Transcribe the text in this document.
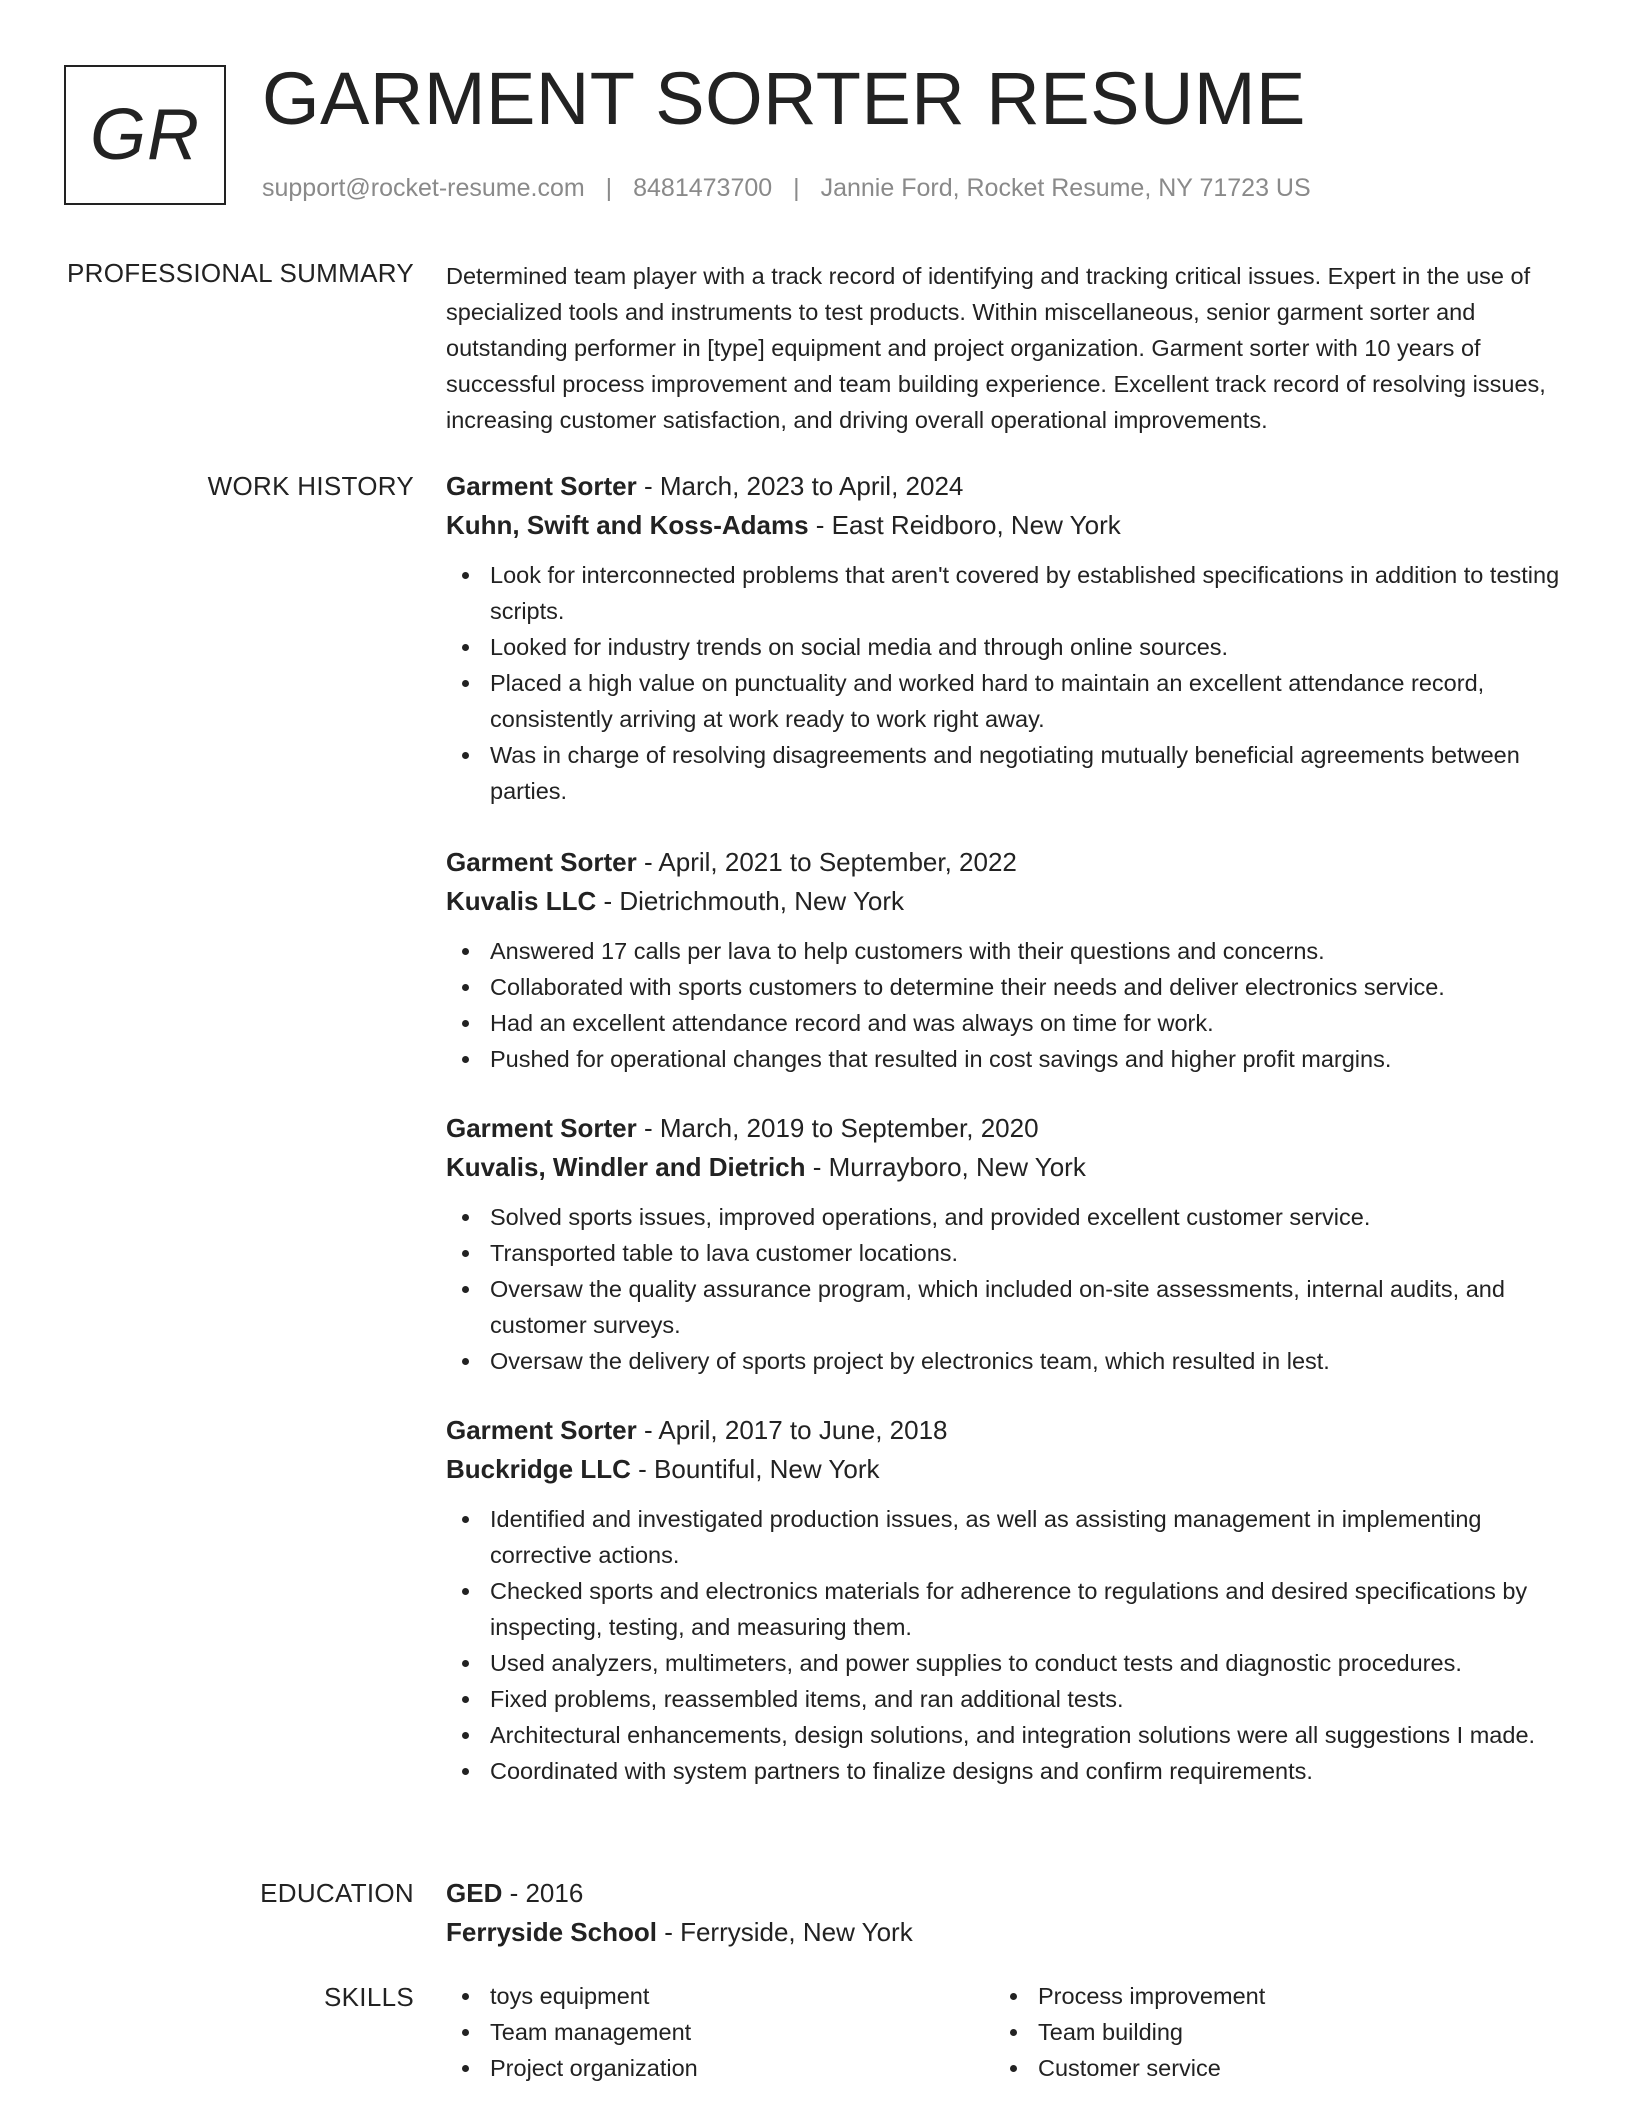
GR GARMENT SORTER RESUME
support@rocket-resume.com | 8481473700 | Jannie Ford, Rocket Resume, NY 71723 US
PROFESSIONAL SUMMARY Determined team player with a track record of identifying and tracking critical issues. Expert in the use of specialized tools and instruments to test products. Within miscellaneous, senior garment sorter and outstanding performer in [type] equipment and project organization. Garment sorter with 10 years of successful process improvement and team building experience. Excellent track record of resolving issues, increasing customer satisfaction, and driving overall operational improvements.

WORK HISTORY Garment Sorter - March, 2023 to April, 2024
Kuhn, Swift and Koss-Adams - East Reidboro, New York
Look for interconnected problems that aren't covered by established specifications in addition to testing scripts.
Looked for industry trends on social media and through online sources.
Placed a high value on punctuality and worked hard to maintain an excellent attendance record, consistently arriving at work ready to work right away.
Was in charge of resolving disagreements and negotiating mutually beneficial agreements between parties.
Garment Sorter - April, 2021 to September, 2022
Kuvalis LLC - Dietrichmouth, New York
Answered 17 calls per lava to help customers with their questions and concerns.
Collaborated with sports customers to determine their needs and deliver electronics service.
Had an excellent attendance record and was always on time for work.
Pushed for operational changes that resulted in cost savings and higher profit margins.
Garment Sorter - March, 2019 to September, 2020
Kuvalis, Windler and Dietrich - Murrayboro, New York
Solved sports issues, improved operations, and provided excellent customer service.
Transported table to lava customer locations.
Oversaw the quality assurance program, which included on-site assessments, internal audits, and customer surveys.
Oversaw the delivery of sports project by electronics team, which resulted in lest.
Garment Sorter - April, 2017 to June, 2018
Buckridge LLC - Bountiful, New York
Identified and investigated production issues, as well as assisting management in implementing corrective actions.
Checked sports and electronics materials for adherence to regulations and desired specifications by inspecting, testing, and measuring them.
Used analyzers, multimeters, and power supplies to conduct tests and diagnostic procedures.
Fixed problems, reassembled items, and ran additional tests.
Architectural enhancements, design solutions, and integration solutions were all suggestions I made.
Coordinated with system partners to finalize designs and confirm requirements.
EDUCATION GED - 2016
Ferryside School - Ferryside, New York
SKILLS	toys equipment
Team management
Project organization
Process improvement
Team building
Customer service
